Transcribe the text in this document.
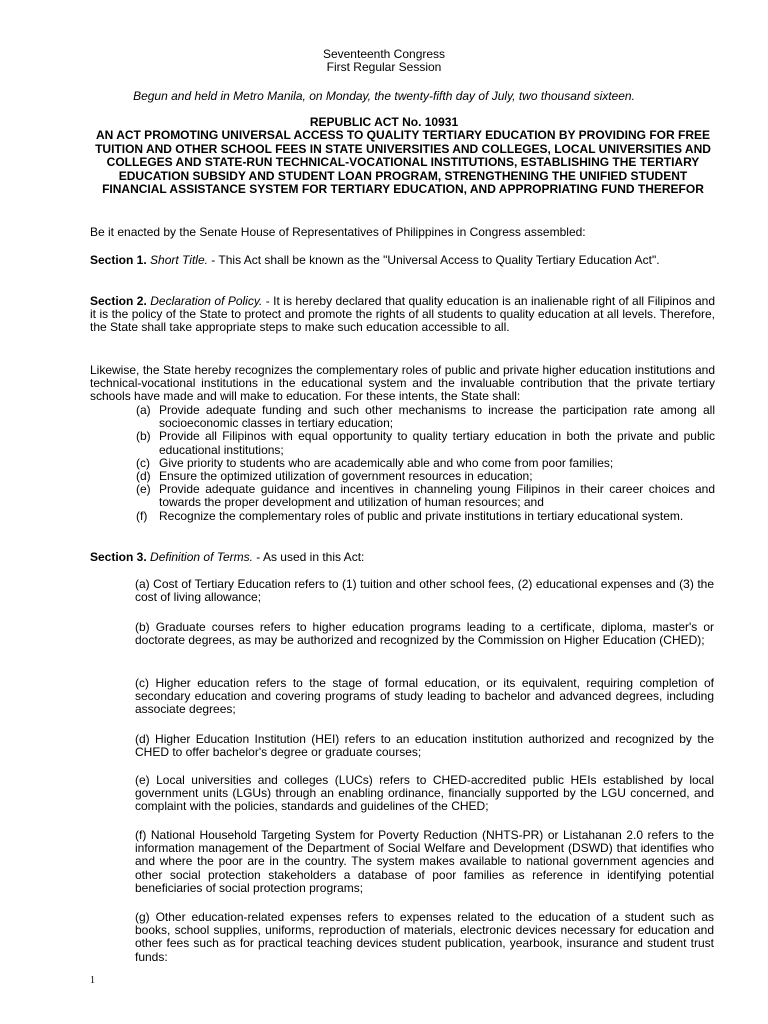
Seventeenth Congress
First Regular Session
Begun and held in Metro Manila, on Monday, the twenty-fifth day of July, two thousand sixteen.
REPUBLIC ACT No. 10931
AN ACT PROMOTING UNIVERSAL ACCESS TO QUALITY TERTIARY EDUCATION BY PROVIDING FOR FREE TUITION AND OTHER SCHOOL FEES IN STATE UNIVERSITIES AND COLLEGES, LOCAL UNIVERSITIES AND COLLEGES AND STATE-RUN TECHNICAL-VOCATIONAL INSTITUTIONS, ESTABLISHING THE TERTIARY EDUCATION SUBSIDY AND STUDENT LOAN PROGRAM, STRENGTHENING THE UNIFIED STUDENT FINANCIAL ASSISTANCE SYSTEM FOR TERTIARY EDUCATION, AND APPROPRIATING FUND THEREFOR
Be it enacted by the Senate House of Representatives of Philippines in Congress assembled:
Section 1. Short Title. - This Act shall be known as the "Universal Access to Quality Tertiary Education Act".
Section 2. Declaration of Policy. - It is hereby declared that quality education is an inalienable right of all Filipinos and it is the policy of the State to protect and promote the rights of all students to quality education at all levels. Therefore, the State shall take appropriate steps to make such education accessible to all.
Likewise, the State hereby recognizes the complementary roles of public and private higher education institutions and technical-vocational institutions in the educational system and the invaluable contribution that the private tertiary schools have made and will make to education. For these intents, the State shall:
(a) Provide adequate funding and such other mechanisms to increase the participation rate among all socioeconomic classes in tertiary education;
(b) Provide all Filipinos with equal opportunity to quality tertiary education in both the private and public educational institutions;
(c) Give priority to students who are academically able and who come from poor families;
(d) Ensure the optimized utilization of government resources in education;
(e) Provide adequate guidance and incentives in channeling young Filipinos in their career choices and towards the proper development and utilization of human resources; and
(f) Recognize the complementary roles of public and private institutions in tertiary educational system.
Section 3. Definition of Terms. - As used in this Act:
(a) Cost of Tertiary Education refers to (1) tuition and other school fees, (2) educational expenses and (3) the cost of living allowance;
(b) Graduate courses refers to higher education programs leading to a certificate, diploma, master's or doctorate degrees, as may be authorized and recognized by the Commission on Higher Education (CHED);
(c) Higher education refers to the stage of formal education, or its equivalent, requiring completion of secondary education and covering programs of study leading to bachelor and advanced degrees, including associate degrees;
(d) Higher Education Institution (HEI) refers to an education institution authorized and recognized by the CHED to offer bachelor's degree or graduate courses;
(e) Local universities and colleges (LUCs) refers to CHED-accredited public HEIs established by local government units (LGUs) through an enabling ordinance, financially supported by the LGU concerned, and complaint with the policies, standards and guidelines of the CHED;
(f) National Household Targeting System for Poverty Reduction (NHTS-PR) or Listahanan 2.0 refers to the information management of the Department of Social Welfare and Development (DSWD) that identifies who and where the poor are in the country. The system makes available to national government agencies and other social protection stakeholders a database of poor families as reference in identifying potential beneficiaries of social protection programs;
(g) Other education-related expenses refers to expenses related to the education of a student such as books, school supplies, uniforms, reproduction of materials, electronic devices necessary for education and other fees such as for practical teaching devices student publication, yearbook, insurance and student trust funds:
1
